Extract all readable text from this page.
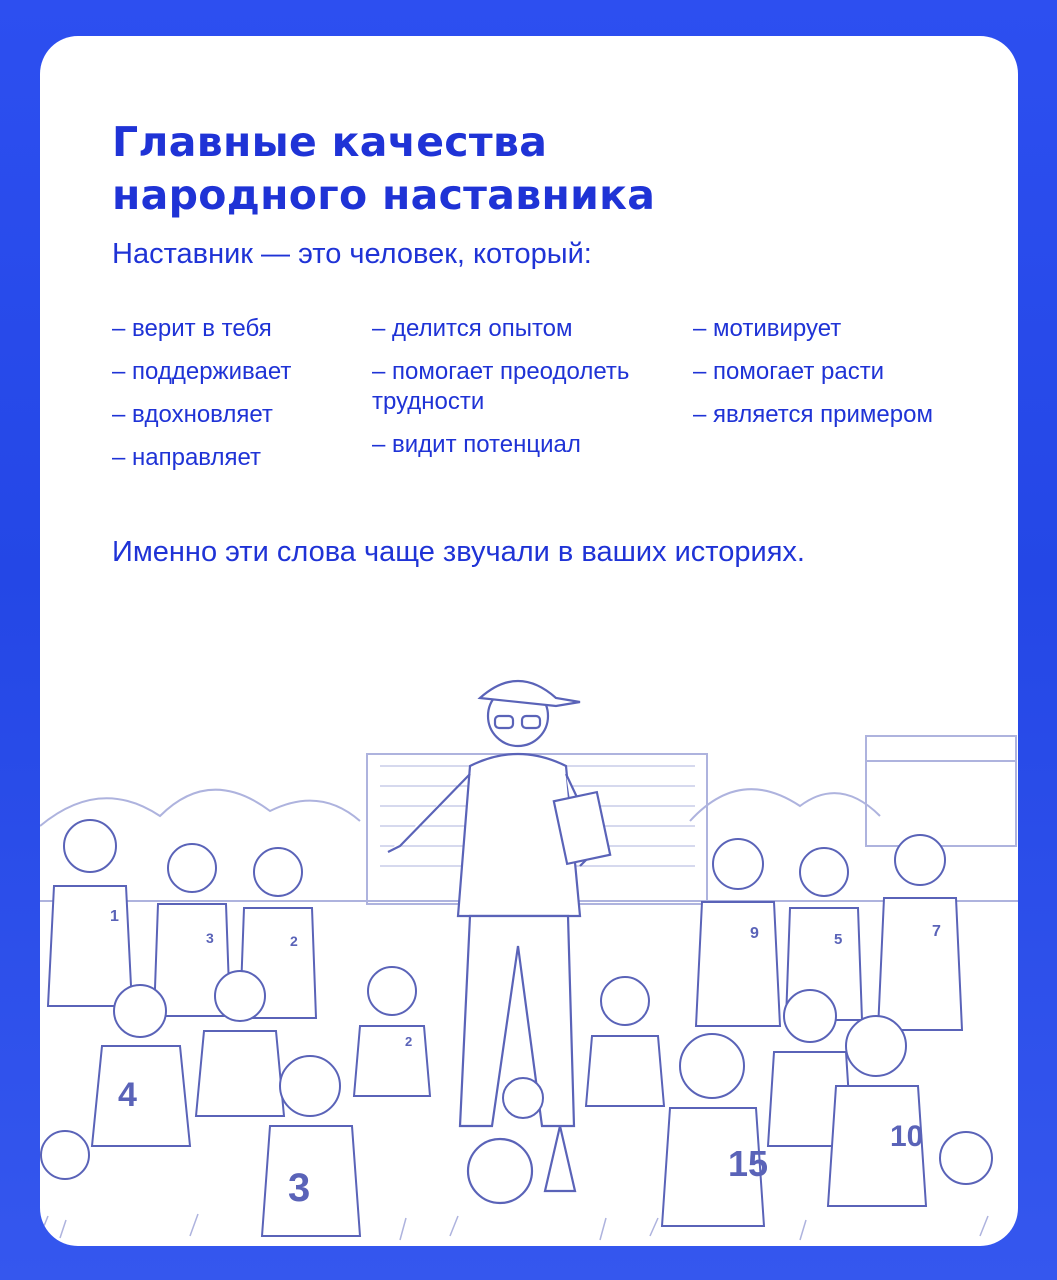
Главные качества
народного наставника

Наставник — это человек, который:

– верит в тебя

– поддерживает

– вдохновляет

– направляет

– делится опытом

– помогает преодолеть трудности

– видит потенциал

– мотивирует

– помогает расти

– является примером

Именно эти слова чаще звучали в ваших историях.

1
3	2
2
4
3
15
9	5	7
10
